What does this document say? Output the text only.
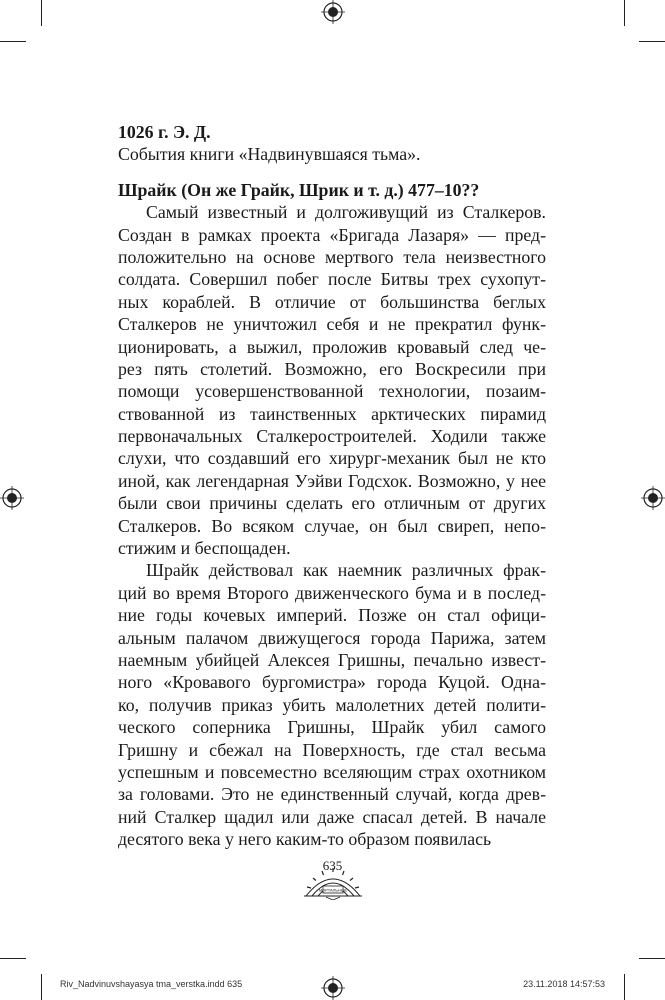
1026 г. Э. Д.
События книги «Надвинувшаяся тьма».
Шрайк (Он же Грайк, Шрик и т. д.) 477–10??
Самый известный и долгоживущий из Сталкеров.
Создан в рамках проекта «Бригада Лазаря» — пред-
положительно на основе мертвого тела неизвестного
солдата. Совершил побег после Битвы трех сухопут-
ных кораблей. В отличие от большинства беглых
Сталкеров не уничтожил себя и не прекратил функ-
ционировать, а выжил, проложив кровавый след че-
рез пять столетий. Возможно, его Воскресили при
помощи усовершенствованной технологии, позаим-
ствованной из таинственных арктических пирамид
первоначальных Сталкеростроителей. Ходили также
слухи, что создавший его хирург-механик был не кто
иной, как легендарная Уэйви Годсхок. Возможно, у нее
были свои причины сделать его отличным от других
Сталкеров. Во всяком случае, он был свиреп, непо-
стижим и беспощаден.
Шрайк действовал как наемник различных фрак-
ций во время Второго движенческого бума и в послед-
ние годы кочевых империй. Позже он стал офици-
альным палачом движущегося города Парижа, затем
наемным убийцей Алексея Гришны, печально извест-
ного «Кровавого бургомистра» города Куцой. Одна-
ко, получив приказ убить малолетних детей полити-
ческого соперника Гришны, Шрайк убил самого
Гришну и сбежал на Поверхность, где стал весьма
успешным и повсеместно вселяющим страх охотником
за головами. Это не единственный случай, когда древ-
ний Сталкер щадил или даже спасал детей. В начале
десятого века у него каким-то образом появилась
635
МОРТАЛЬНЫЕ
Riv_Nadvinuvshayasya tma_verstka.indd 635	23.11.2018 14:57:53
